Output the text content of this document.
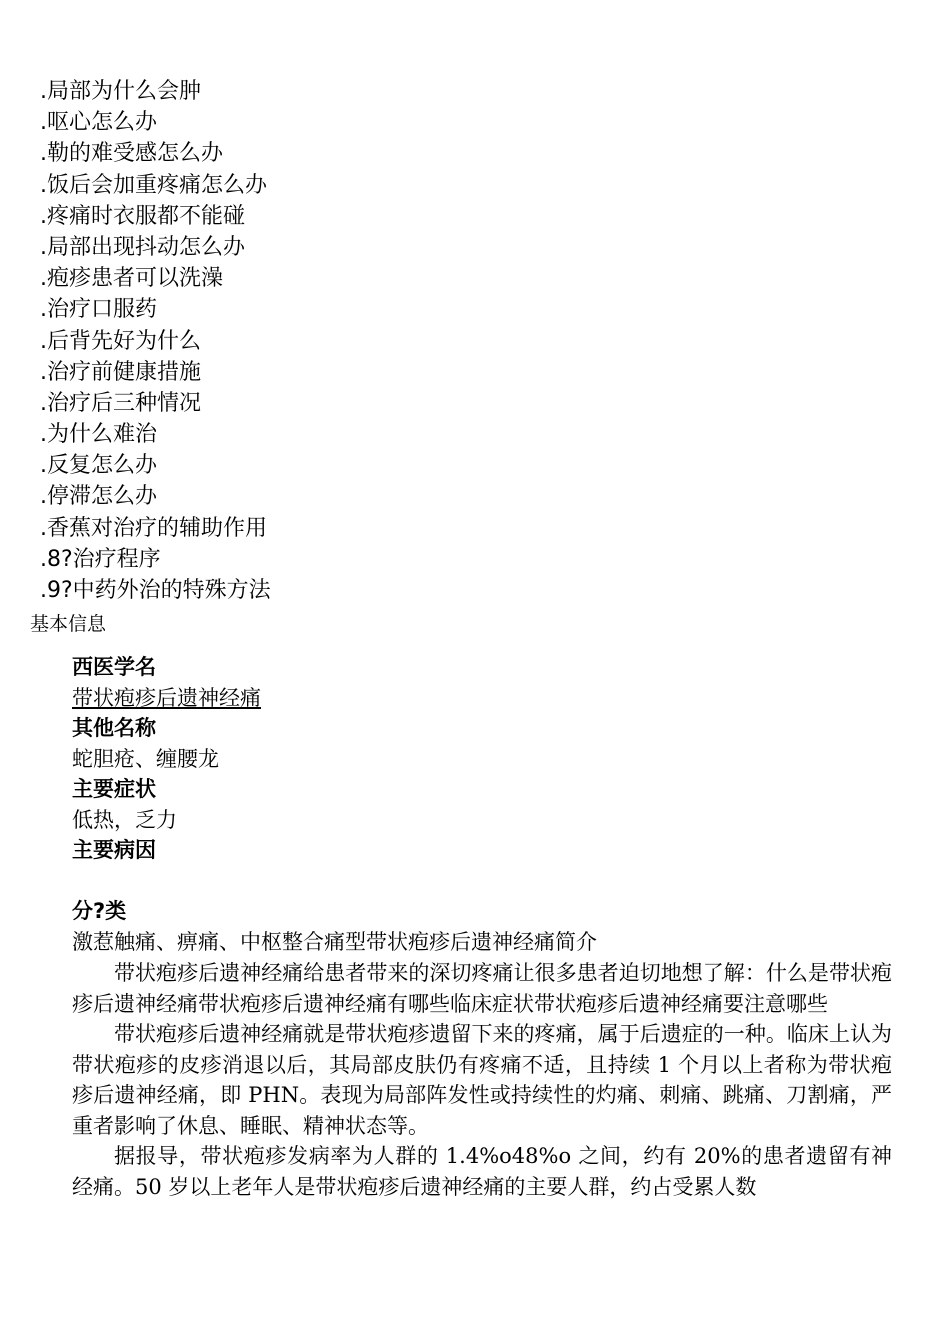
.局部为什么会肿
.呕心怎么办
.勒的难受感怎么办
.饭后会加重疼痛怎么办
.疼痛时衣服都不能碰
.局部出现抖动怎么办
.疱疹患者可以洗澡
.治疗口服药
.后背先好为什么
.治疗前健康措施
.治疗后三种情况
.为什么难治
.反复怎么办
.停滞怎么办
.香蕉对治疗的辅助作用
.8?治疗程序
.9?中药外治的特殊方法
基本信息
西医学名
带状疱疹后遗神经痛
其他名称
蛇胆疮、缠腰龙
主要症状
低热，乏力
主要病因
分?类
激惹触痛、痹痛、中枢整合痛型带状疱疹后遗神经痛简介

带状疱疹后遗神经痛给患者带来的深切疼痛让很多患者迫切地想了解：什么是带状疱疹后遗神经痛带状疱疹后遗神经痛有哪些临床症状带状疱疹后遗神经痛要注意哪些

带状疱疹后遗神经痛就是带状疱疹遗留下来的疼痛，属于后遗症的一种。临床上认为带状疱疹的皮疹消退以后，其局部皮肤仍有疼痛不适，且持续 1 个月以上者称为带状疱疹后遗神经痛，即 PHN。表现为局部阵发性或持续性的灼痛、刺痛、跳痛、刀割痛，严重者影响了休息、睡眠、精神状态等。

据报导，带状疱疹发病率为人群的 1.4%o48%o 之间，约有 20%的患者遗留有神经痛。50 岁以上老年人是带状疱疹后遗神经痛的主要人群，约占受累人数
